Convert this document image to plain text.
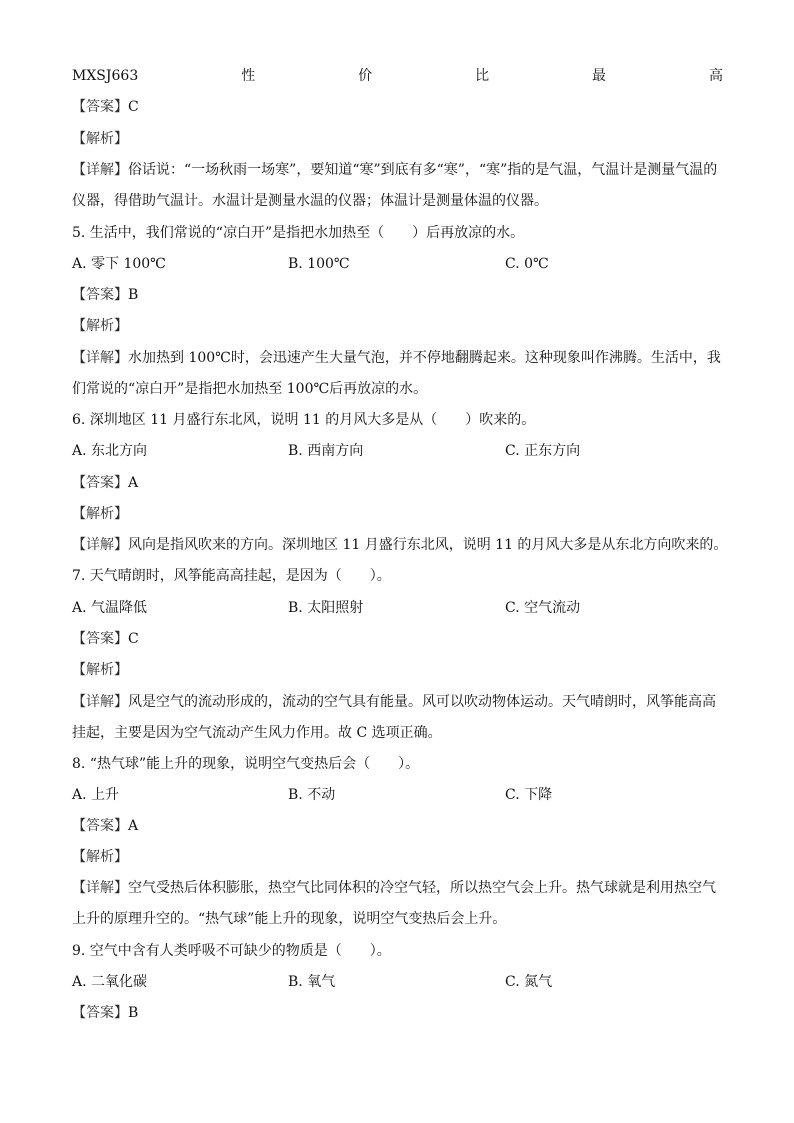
MXSJ663	性	价	比	最	高
【答案】C
【解析】
【详解】俗话说：“一场秋雨一场寒”，要知道“寒”到底有多“寒”，“寒”指的是气温，气温计是测量气温的
仪器，得借助气温计。水温计是测量水温的仪器；体温计是测量体温的仪器。
5. 生活中，我们常说的“凉白开”是指把水加热至（　　）后再放凉的水。
A. 零下 100℃	B. 100℃	C. 0℃
【答案】B
【解析】
【详解】水加热到 100℃时，会迅速产生大量气泡，并不停地翻腾起来。这种现象叫作沸腾。生活中，我
们常说的“凉白开”是指把水加热至 100℃后再放凉的水。
6. 深圳地区 11 月盛行东北风，说明 11 的月风大多是从（　　）吹来的。
A. 东北方向	B. 西南方向	C. 正东方向
【答案】A
【解析】
【详解】风向是指风吹来的方向。深圳地区 11 月盛行东北风，说明 11 的月风大多是从东北方向吹来的。
7. 天气晴朗时，风筝能高高挂起，是因为（　　）。
A. 气温降低	B. 太阳照射	C. 空气流动
【答案】C
【解析】
【详解】风是空气的流动形成的，流动的空气具有能量。风可以吹动物体运动。天气晴朗时，风筝能高高
挂起，主要是因为空气流动产生风力作用。故 C 选项正确。
8. “热气球”能上升的现象，说明空气变热后会（　　）。
A. 上升	B. 不动	C. 下降
【答案】A
【解析】
【详解】空气受热后体积膨胀，热空气比同体积的冷空气轻，所以热空气会上升。热气球就是利用热空气
上升的原理升空的。“热气球”能上升的现象，说明空气变热后会上升。
9. 空气中含有人类呼吸不可缺少的物质是（　　）。
A. 二氧化碳	B. 氧气	C. 氮气
【答案】B
